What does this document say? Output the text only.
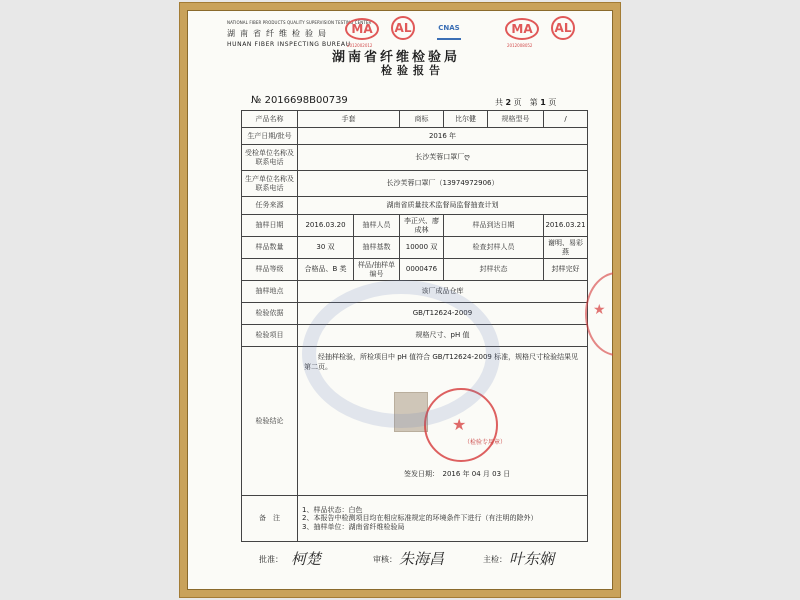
NATIONAL FIBER PRODUCTS QUALITY SUPERVISION TESTING CENTER
湖南省纤维检验局
HUNAN FIBER INSPECTING BUREAU
MA
2012002012
AL	CNAS	MA
2012008052
AL
湖南省纤维检验局
检验报告
№ 2016698B00739	共 2 页　第 1 页
产品名称	手套		商标	比尔健	规格型号	/
生产日期/批号	2016 年					
受检单位名称及联系电话	长沙芙蓉口罩厂ღ					
生产单位名称及联系电话	长沙芙蓉口罩厂（13974972906）					
任务来源	湖南省质量技术监督局监督抽查计划					
抽样日期	2016.03.20	抽样人员	李正兴、廖成林	样品到达日期		2016.03.21
样品数量	30 双	抽样基数	10000 双	检查封样人员		谢明、易彩燕
样品等级	合格品、B 类	样品/抽样单编号	0000476	封样状态		封样完好
抽样地点	该厂成品仓库					
检验依据	GB/T12624-2009					
检验项目	规格尺寸、pH 值					
检验结论	经抽样检验，所检项目中 pH 值符合 GB/T12624-2009 标准，规格尺寸检验结果见第二页。

★
（检验专用章）
签发日期：　2016 年 04 月 03 日					

备　注	1、样品状态：白色
2、本报告中检测项目均在相应标准规定的环境条件下进行（有注明的除外）
3、抽样单位：湖南省纤维检验局					
★
批准： 柯楚	审核： 朱海昌	主检： 叶东娴
